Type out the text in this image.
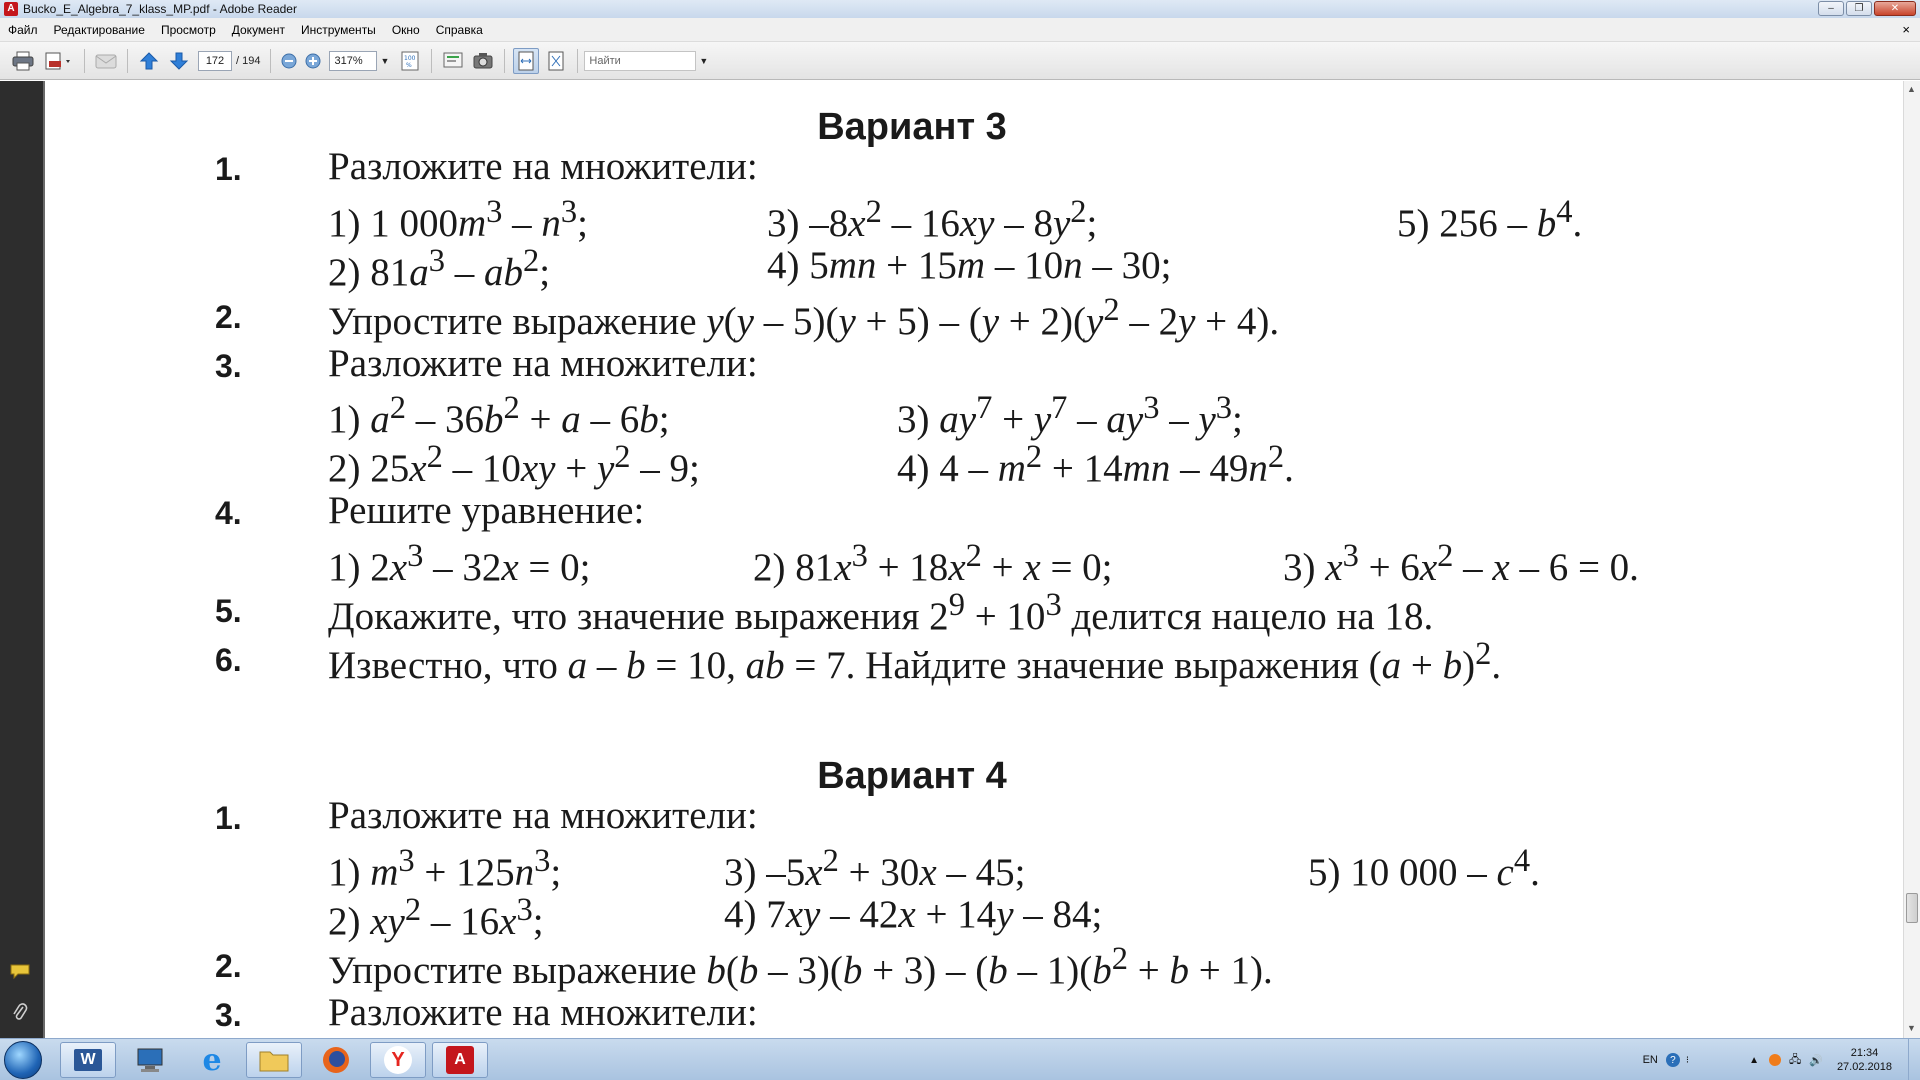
A Bucko_E_Algebra_7_klass_MP.pdf - Adobe Reader	–	❐	✕
Файл	Редактирование	Просмотр	Документ	Инструменты	Окно	Справка	×
172	/ 194	317%	▼	100
%	Найти	▼
Вариант 3
1. Разложите на множители:
1) 1 $000m^3 - n^3$;	3) $-8x^2 - 16xy - 8y^2$;	5) $256 - b^4$.
2) $81a^3 - ab^2$;	4) 5mn + 15m – 10n – 30;
2. Упростите выражение $y(y - 5)(y + 5) - (y + 2)(y^2 - 2y + 4)$.
3. Разложите на множители:
1) $a^2 - 36b^2 + a - 6b$;	3) $ay^7 + y^7 - ay^3 - y^3$;
2) $25x^2 - 10xy + y^2 - 9$;	4) $4 - m^2 + 14mn - 49n^2$.
4. Решите уравнение:
1) $2x^3 - 32x = 0$;	2) $81x^3 + 18x^2 + x = 0$;	3) $x^3 + 6x^2 - x - 6 = 0$.
5. Докажите, что значение выражения $2^9 + 10^3$ делится нацело на 18.
6. Известно, что a – b = 10, ab = 7. Найдите значение выражения $(a + b)^2$.
Вариант 4
1. Разложите на множители:
1) $m^3 + 125n^3$;	3) $-5x^2 + 30x - 45$;	5) 10 $000 - c^4$.
2) $xy^2 - 16x^3$;	4) 7xy – 42x + 14y – 84;
2. Упростите выражение $b(b - 3)(b + 3) - (b - 1)(b^2 + b + 1)$.
3. Разложите на множители:
▲
▼
W	e	Y	A	EN	?	⁝	▲	🖧 🔊
21:34
27.02.2018
